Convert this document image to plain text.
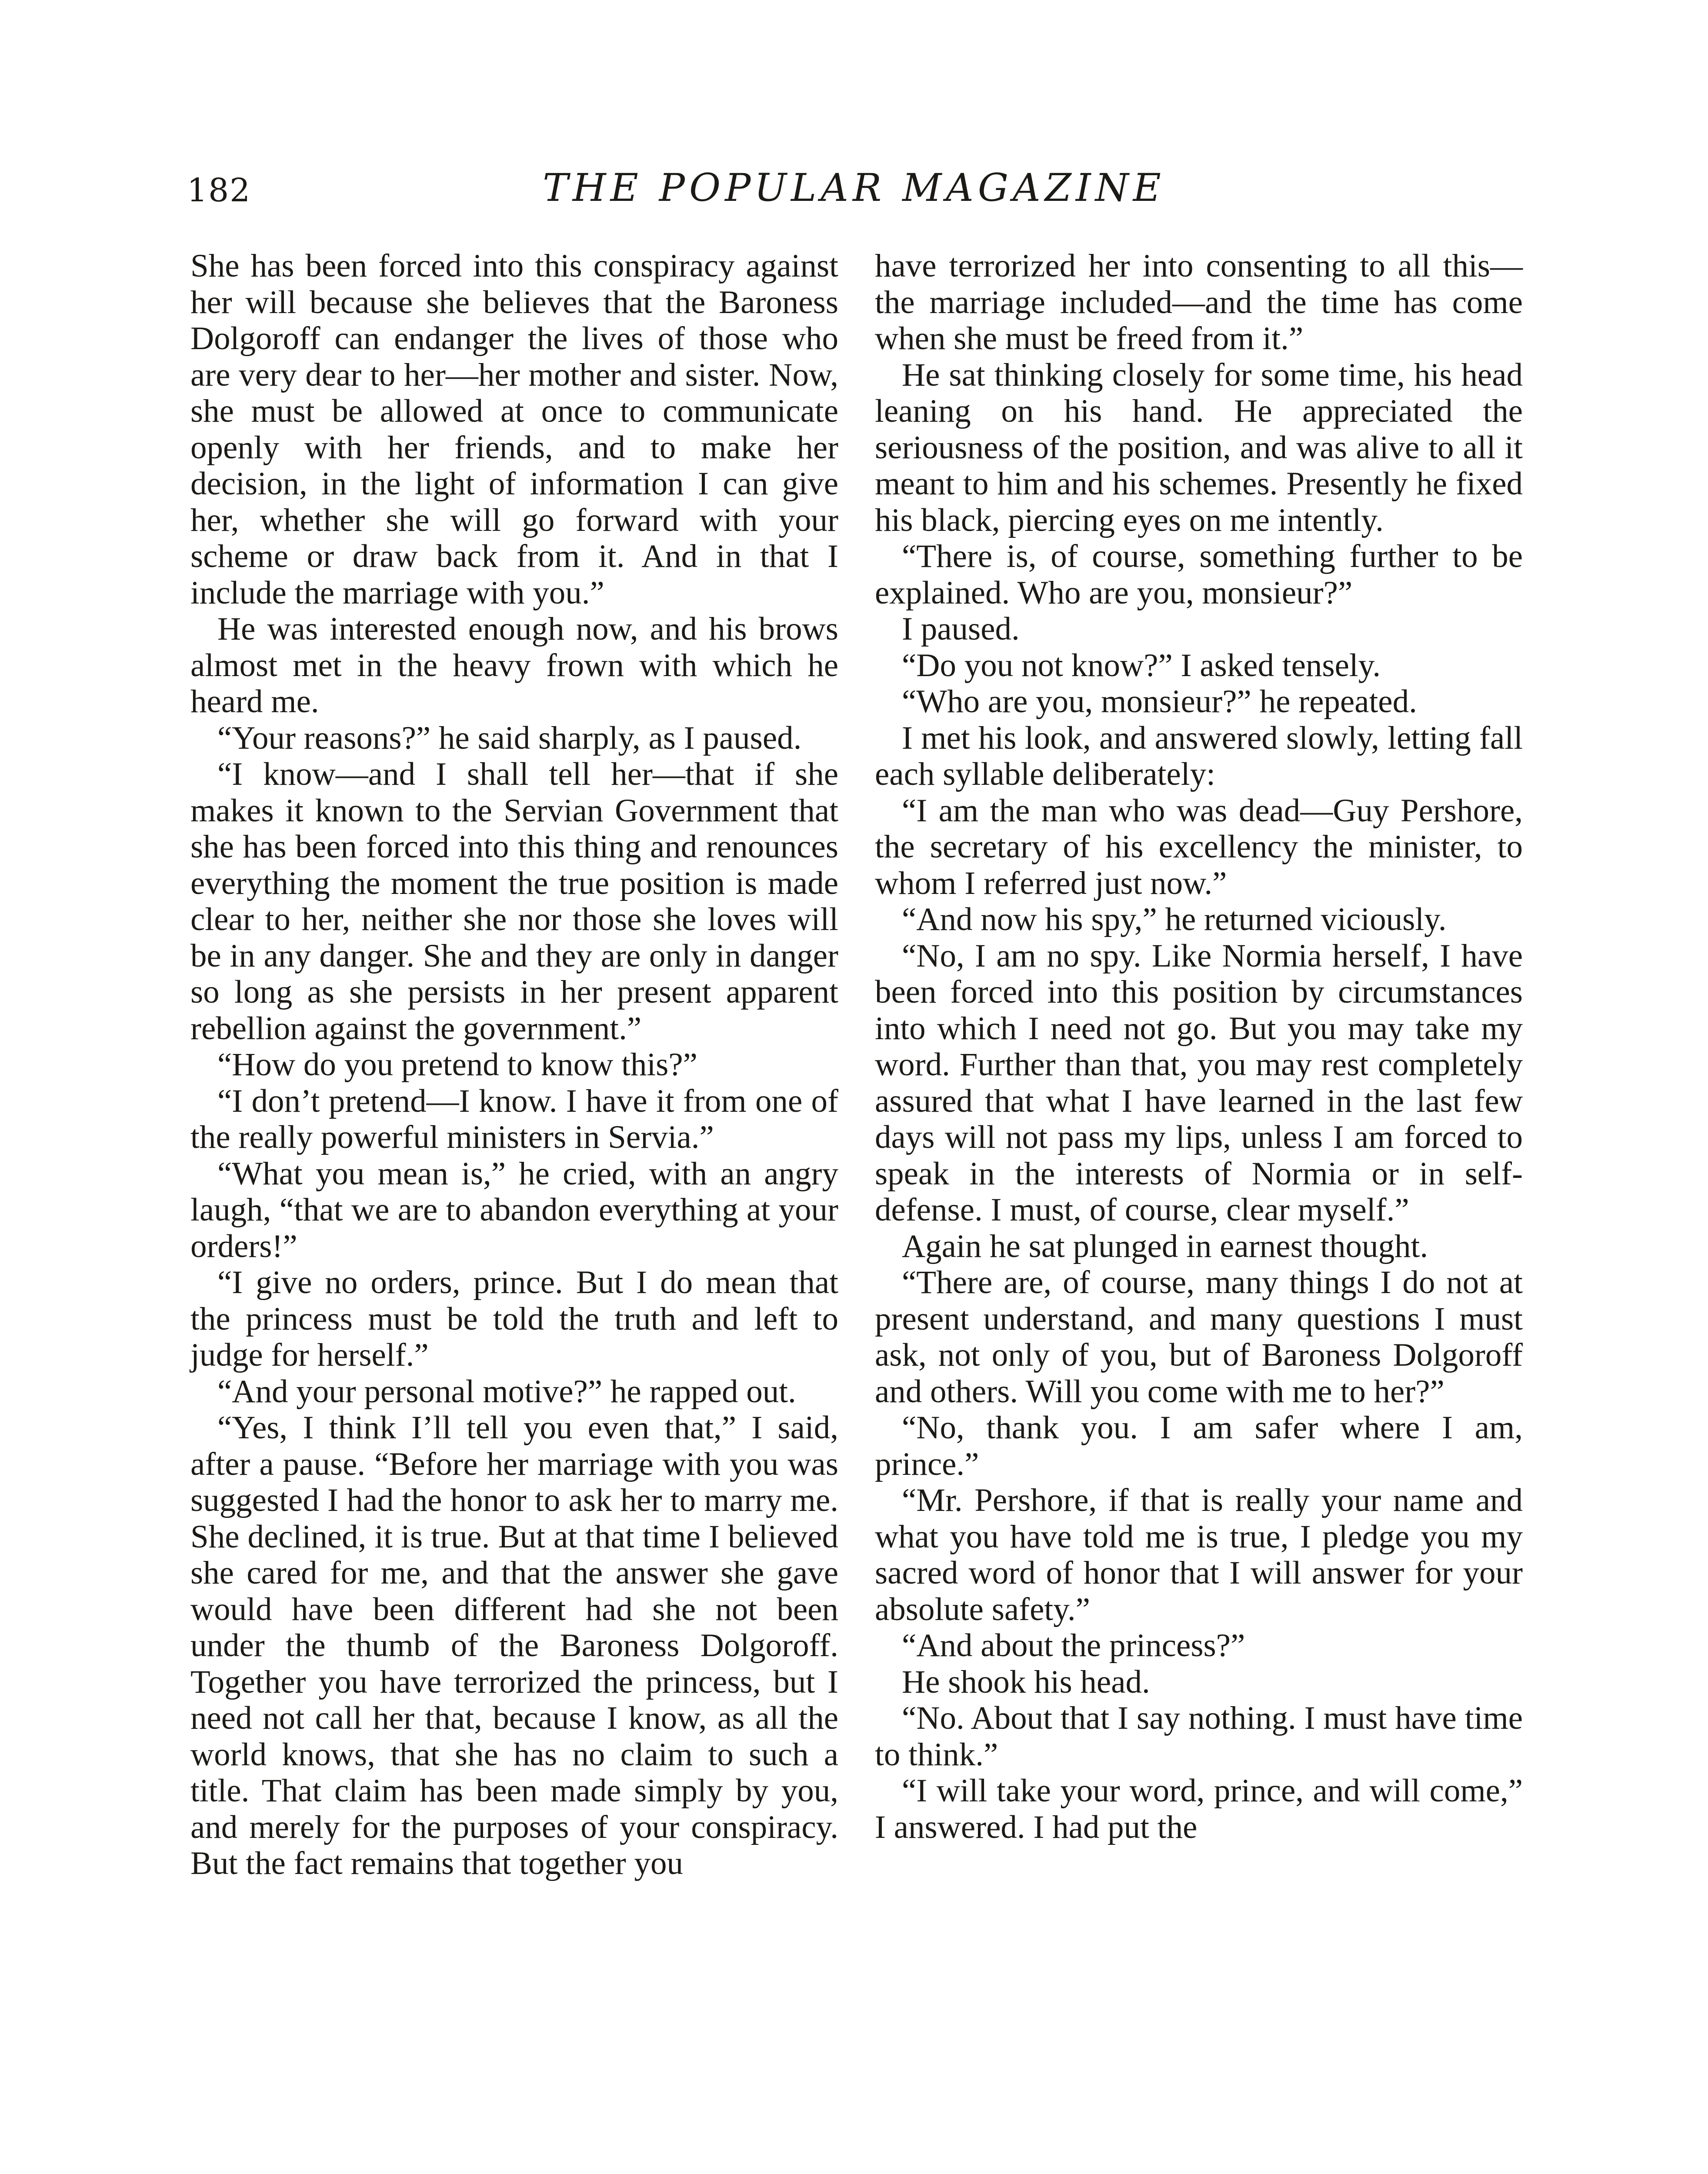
182	THE POPULAR MAGAZINE

She has been forced into this conspiracy against her will because she believes that the Baroness Dolgoroff can endanger the lives of those who are very dear to her—her mother and sister. Now, she must be allowed at once to communicate openly with her friends, and to make her decision, in the light of information I can give her, whether she will go forward with your scheme or draw back from it. And in that I include the marriage with you.”

He was interested enough now, and his brows almost met in the heavy frown with which he heard me.

“Your reasons?” he said sharply, as I paused.

“I know—and I shall tell her—that if she makes it known to the Servian Government that she has been forced into this thing and renounces everything the moment the true position is made clear to her, neither she nor those she loves will be in any danger. She and they are only in danger so long as she persists in her present apparent rebellion against the government.”

“How do you pretend to know this?”

“I don’t pretend—I know. I have it from one of the really powerful ministers in Servia.”

“What you mean is,” he cried, with an angry laugh, “that we are to abandon everything at your orders!”

“I give no orders, prince. But I do mean that the princess must be told the truth and left to judge for herself.”

“And your personal motive?” he rapped out.

“Yes, I think I’ll tell you even that,” I said, after a pause. “Before her marriage with you was suggested I had the honor to ask her to marry me. She declined, it is true. But at that time I believed she cared for me, and that the answer she gave would have been different had she not been under the thumb of the Baroness Dolgoroff. Together you have terrorized the princess, but I need not call her that, because I know, as all the world knows, that she has no claim to such a title. That claim has been made simply by you, and merely for the purposes of your conspiracy. But the fact remains that together you

have terrorized her into consenting to all this—the marriage included—and the time has come when she must be freed from it.”

He sat thinking closely for some time, his head leaning on his hand. He appreciated the seriousness of the position, and was alive to all it meant to him and his schemes. Presently he fixed his black, piercing eyes on me intently.

“There is, of course, something further to be explained. Who are you, monsieur?”

I paused.

“Do you not know?” I asked tensely.

“Who are you, monsieur?” he repeated.

I met his look, and answered slowly, letting fall each syllable deliberately:

“I am the man who was dead—Guy Pershore, the secretary of his excellency the minister, to whom I referred just now.”

“And now his spy,” he returned viciously.

“No, I am no spy. Like Normia herself, I have been forced into this position by circumstances into which I need not go. But you may take my word. Further than that, you may rest completely assured that what I have learned in the last few days will not pass my lips, unless I am forced to speak in the interests of Normia or in self-defense. I must, of course, clear myself.”

Again he sat plunged in earnest thought.

“There are, of course, many things I do not at present understand, and many questions I must ask, not only of you, but of Baroness Dolgoroff and others. Will you come with me to her?”

“No, thank you. I am safer where I am, prince.”

“Mr. Pershore, if that is really your name and what you have told me is true, I pledge you my sacred word of honor that I will answer for your absolute safety.”

“And about the princess?”

He shook his head.

“No. About that I say nothing. I must have time to think.”

“I will take your word, prince, and will come,” I answered. I had put the
